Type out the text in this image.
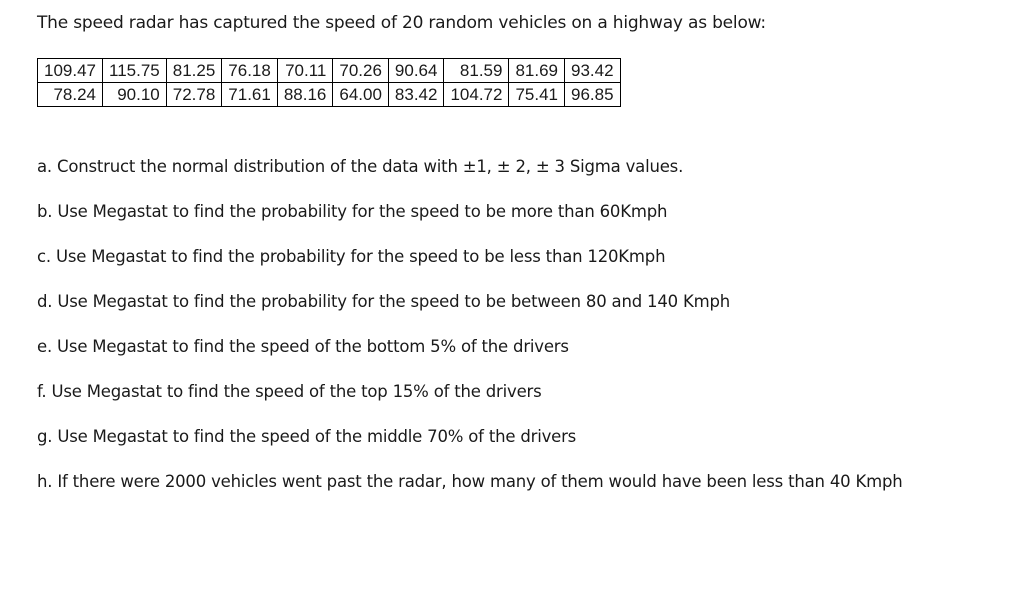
The speed radar has captured the speed of 20 random vehicles on a highway as below:
109.47	115.75	81.25	76.18	70.11	70.26	90.64	81.59	81.69	93.42
78.24	90.10	72.78	71.61	88.16	64.00	83.42	104.72	75.41	96.85

a. Construct the normal distribution of the data with ±1, ± 2, ± 3 Sigma values.

b. Use Megastat to find the probability for the speed to be more than 60Kmph

c. Use Megastat to find the probability for the speed to be less than 120Kmph

d. Use Megastat to find the probability for the speed to be between 80 and 140 Kmph

e. Use Megastat to find the speed of the bottom 5% of the drivers

f. Use Megastat to find the speed of the top 15% of the drivers

g. Use Megastat to find the speed of the middle 70% of the drivers

h. If there were 2000 vehicles went past the radar, how many of them would have been less than 40 Kmph
